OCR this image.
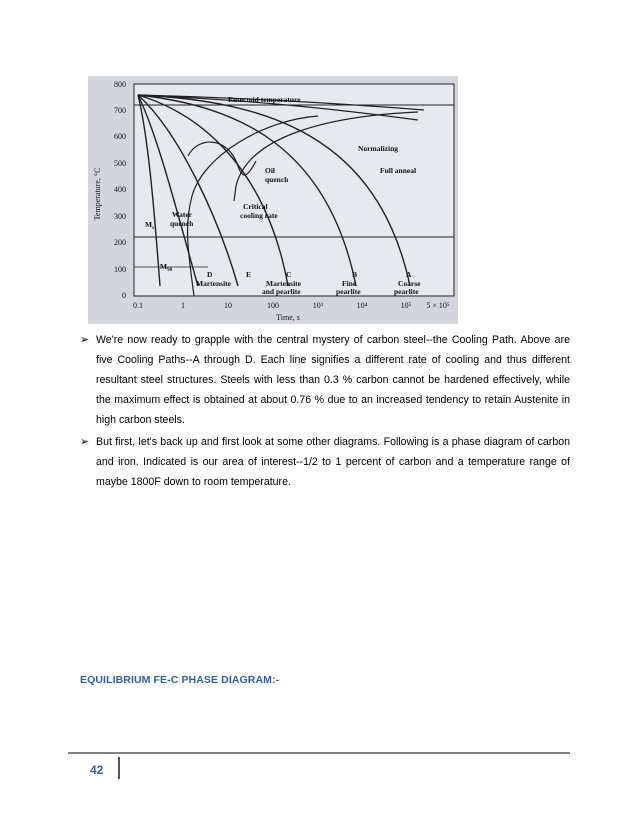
800
700
600
500
400
300
200
100
0
Temperature, °C
0.1	1	10	100	10³	10⁴	10⁵ 5 × 10⁵
Time, s
Eutectoid temperature
Normalizing
Full anneal
Oil
quench
Critical
cooling rate
Water
quench
$M_s$
$M_{90}$	D	E	C	B	A
Martensite	Martensite
and pearlite
Fine
pearlite
Coarse
pearlite
➢ We're now ready to grapple with the central mystery of carbon steel--the Cooling Path. Above are five Cooling Paths--A through D. Each line signifies a different rate of cooling and thus different resultant steel structures. Steels with less than 0.3 % carbon cannot be hardened effectively, while the maximum effect is obtained at about 0.76 % due to an increased tendency to retain Austenite in high carbon steels.
➢ But first, let's back up and first look at some other diagrams. Following is a phase diagram of carbon and iron. Indicated is our area of interest--1/2 to 1 percent of carbon and a temperature range of maybe 1800F down to room temperature.
EQUILIBRIUM FE-C PHASE DIAGRAM:-
42
